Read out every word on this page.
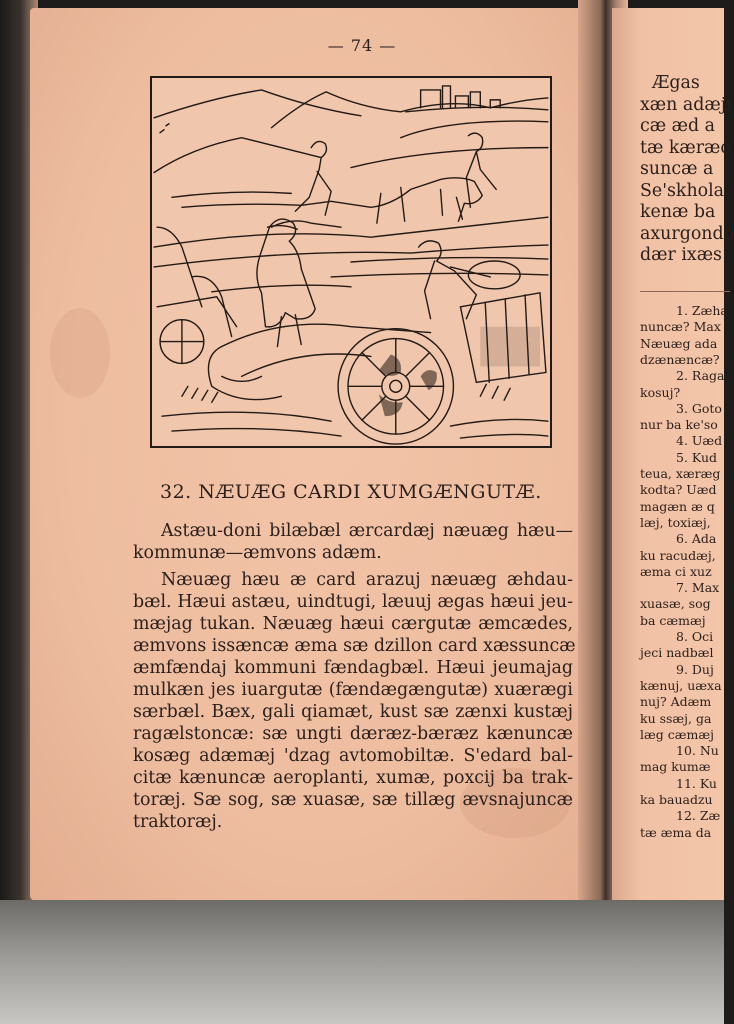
— 74 —
32. NÆUÆG CARDI XUMGÆNGUTÆ.
Astæu-doni bilæbæl ærcardæj næuæg hæu—
kommunæ—æmvons adæm.
Næuæg hæu æ card arazuj næuæg æhdau-
bæl. Hæui astæu, uindtugi, læuuj ægas hæui jeu-
mæjag tukan. Næuæg hæui cærgutæ æmcædes,
æmvons issæncæ æma sæ dzillon card xæssuncæ
æmfændaj kommuni fændagbæl. Hæui jeumajag
mulkæn jes iuargutæ (fændægængutæ) xuærægi
særbæl. Bæx, gali qiamæt, kust sæ zænxi kustæj
ragælstoncæ: sæ ungti dæræz-bæræz kænuncæ
kosæg adæmæj 'dzag avtomobiltæ. S'edard bal-
citæ kænuncæ aeroplanti, xumæ, poxcij ba trak-
toræj. Sæ sog, sæ xuasæ, sæ tillæg ævsnajuncæ
traktoræj.
Ægas
xæn adæjı
cæ æd a
tæ kæræc
suncæ a
Se'skhola
kenæ ba
axurgondo
dær ixæs
1. Zæha
nuncæ? Max
Næuæg ada
dzænæncæ?
2. Raga
kosuj?
3. Goto
nur ba ke'so
4. Uæd
5. Kud
teua, xæræg
kodta? Uæd
magæn æ q
læj, toxiæj,
6. Ada
ku racudæj,
æma ci xuz
7. Max
xuasæ, sog
ba cæmæj
8. Oci
jeci nadbæl
9. Duj
kænuj, uæxa
nuj? Adæm
ku ssæj, ga
læg cæmæj
10. Nu
mag kumæ
11. Ku
ka bauadzu
12. Zæ
tæ æma da
